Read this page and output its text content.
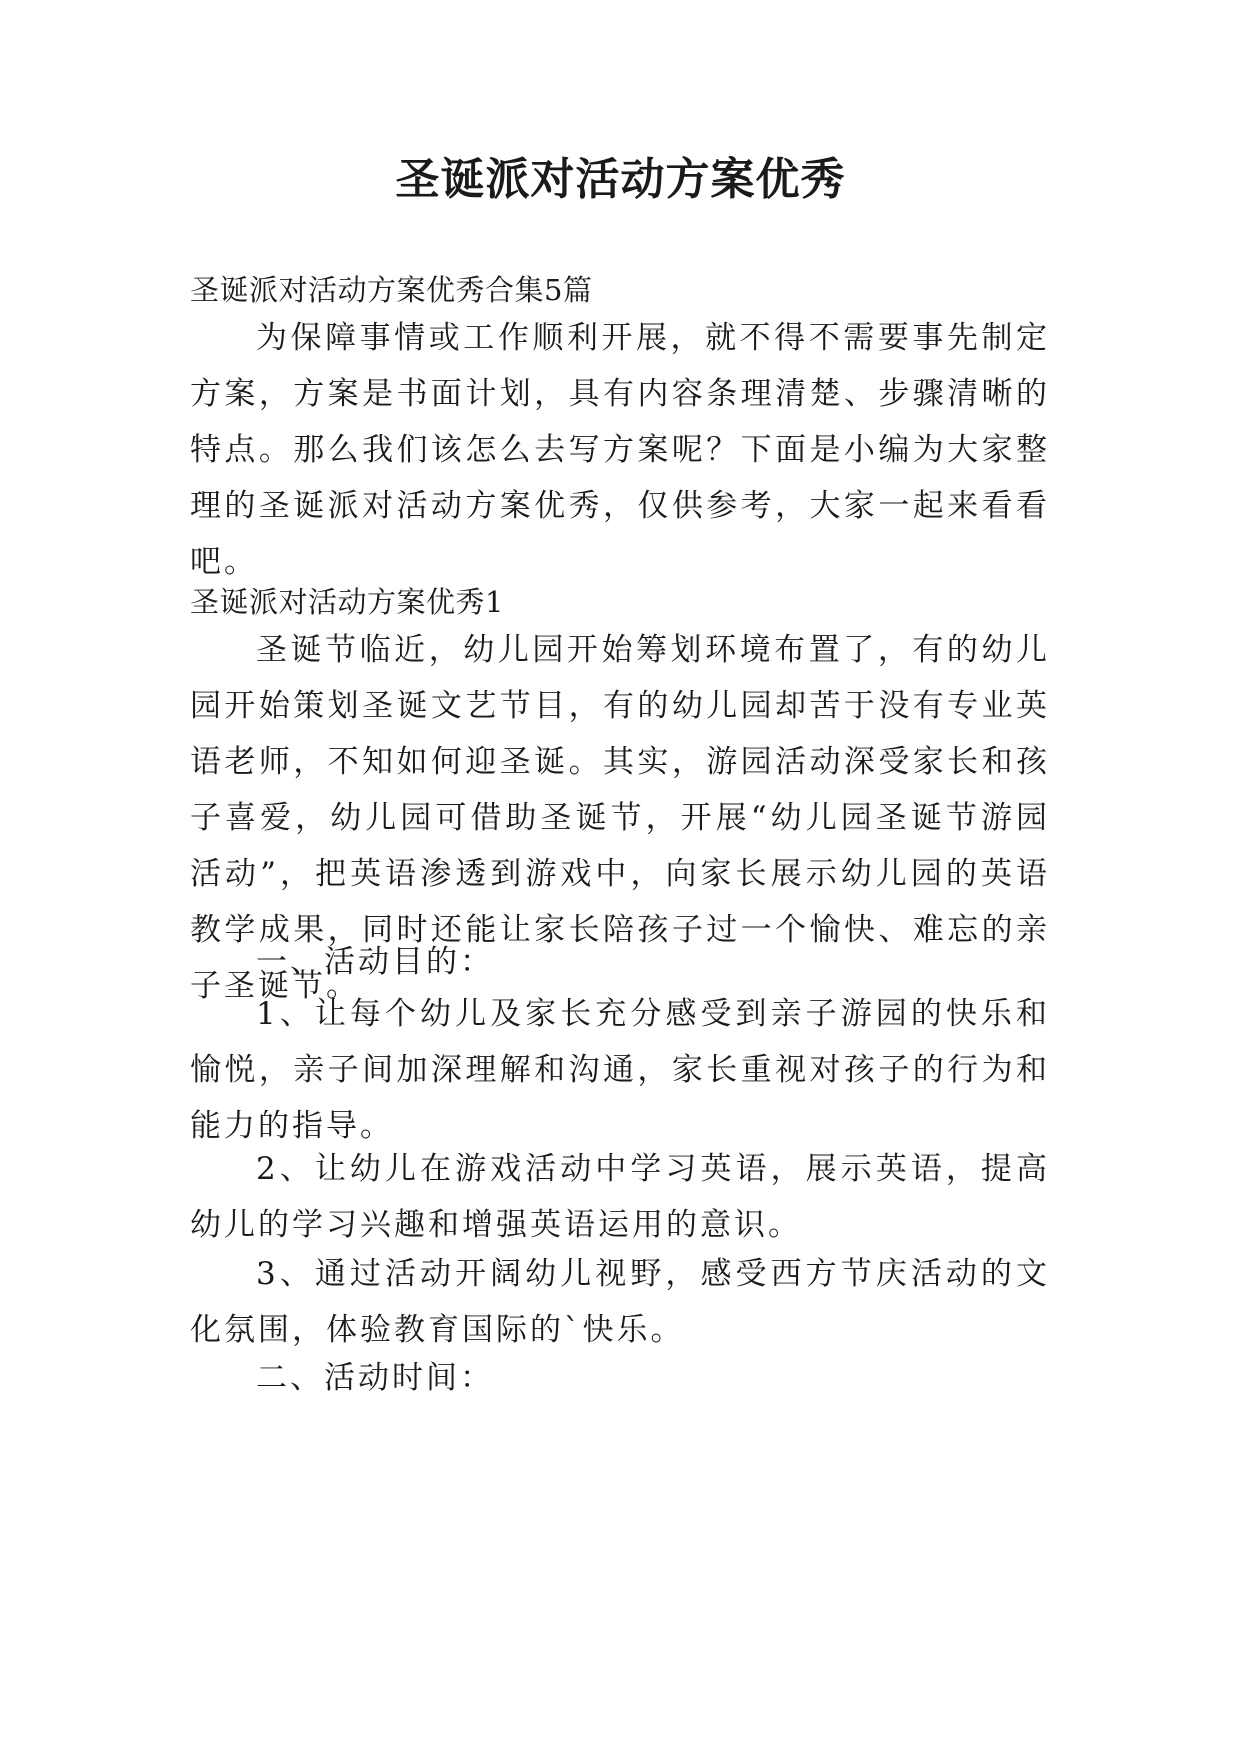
圣诞派对活动方案优秀

圣诞派对活动方案优秀合集5篇

为保障事情或工作顺利开展，就不得不需要事先制定方案，方案是书面计划，具有内容条理清楚、步骤清晰的特点。那么我们该怎么去写方案呢？下面是小编为大家整理的圣诞派对活动方案优秀，仅供参考，大家一起来看看吧。

圣诞派对活动方案优秀1

圣诞节临近，幼儿园开始筹划环境布置了，有的幼儿园开始策划圣诞文艺节目，有的幼儿园却苦于没有专业英语老师，不知如何迎圣诞。其实，游园活动深受家长和孩子喜爱，幼儿园可借助圣诞节，开展“幼儿园圣诞节游园活动”，把英语渗透到游戏中，向家长展示幼儿园的英语教学成果，同时还能让家长陪孩子过一个愉快、难忘的亲子圣诞节。

一、活动目的：

1、让每个幼儿及家长充分感受到亲子游园的快乐和愉悦，亲子间加深理解和沟通，家长重视对孩子的行为和能力的指导。

2、让幼儿在游戏活动中学习英语，展示英语，提高幼儿的学习兴趣和增强英语运用的意识。

3、通过活动开阔幼儿视野，感受西方节庆活动的文化氛围，体验教育国际的`快乐。

二、活动时间：
